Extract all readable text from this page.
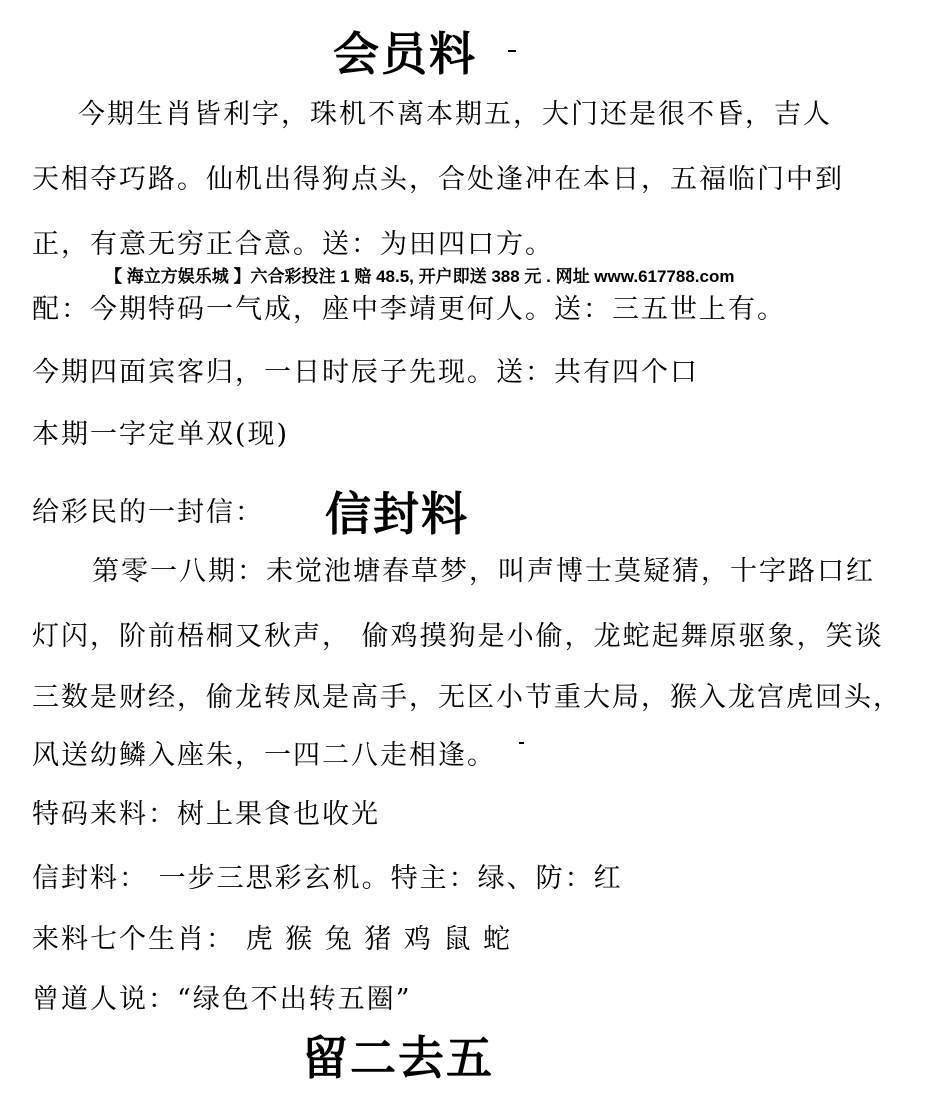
会员料
今期生肖皆利字，珠机不离本期五，大门还是很不昏，吉人
天相夺巧路。仙机出得狗点头，合处逢冲在本日，五福临门中到
正，有意无穷正合意。送：为田四口方。
【 海立方娱乐城 】六合彩投注 1 赔 48.5, 开户即送 388 元 . 网址 www.617788.com
配：今期特码一气成，座中李靖更何人。送：三五世上有。
今期四面宾客归，一日时辰子先现。送：共有四个口
本期一字定单双(现)
给彩民的一封信： 信封料
第零一八期：未觉池塘春草梦，叫声博士莫疑猜，十字路口红
灯闪，阶前梧桐又秋声， 偷鸡摸狗是小偷，龙蛇起舞原驱象，笑谈
三数是财经，偷龙转凤是高手，无区小节重大局，猴入龙宫虎回头，
风送幼鳞入座朱，一四二八走相逢。
特码来料：树上果食也收光
信封料： 一步三思彩玄机。特主：绿、防：红
来料七个生肖： 虎 猴 兔 猪 鸡 鼠 蛇
曾道人说：“绿色不出转五圈”
留二去五
